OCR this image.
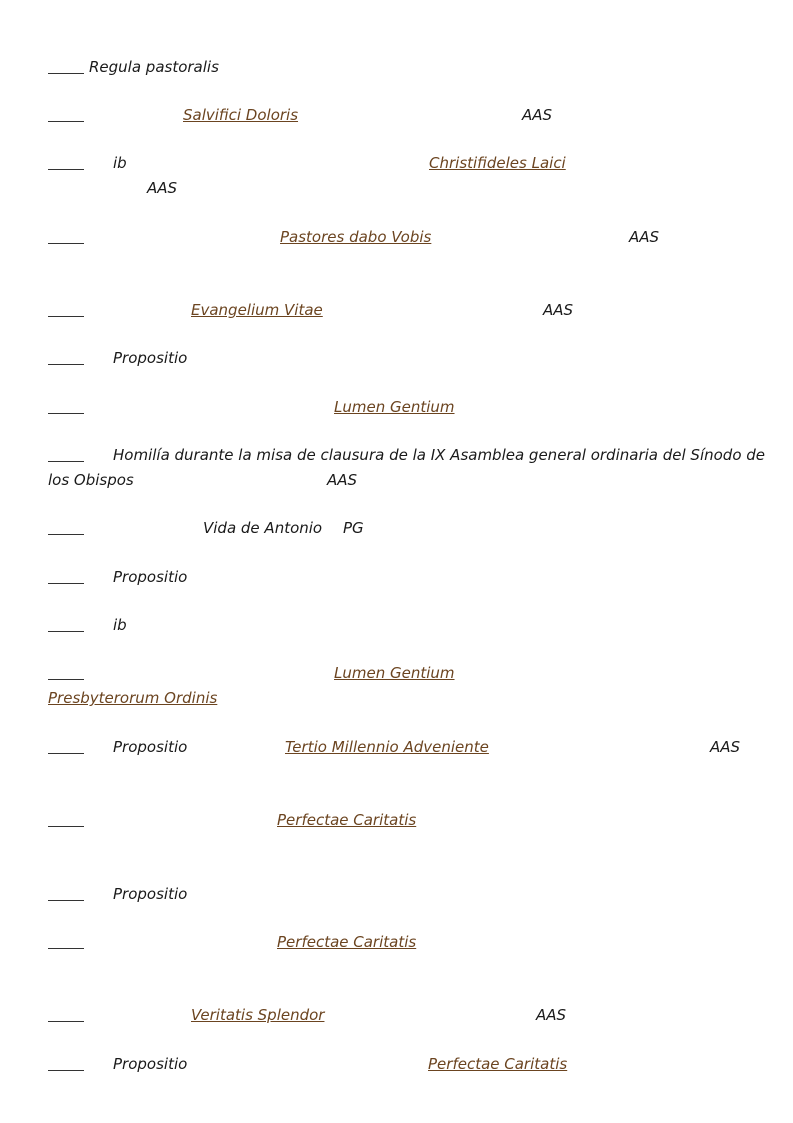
Regula pastoralis
Salvifici Doloris	AAS
ib	Christifideles Laici
AAS
Pastores dabo Vobis	AAS
Evangelium Vitae	AAS
Propositio
Lumen Gentium
Homilía durante la misa de clausura de la IX Asamblea general ordinaria del Sínodo de
los Obispos	AAS
Vida de Antonio PG
Propositio
ib
Lumen Gentium
Presbyterorum Ordinis
Propositio	Tertio Millennio Adveniente	AAS
Perfectae Caritatis
Propositio
Perfectae Caritatis
Veritatis Splendor	AAS
Propositio	Perfectae Caritatis
